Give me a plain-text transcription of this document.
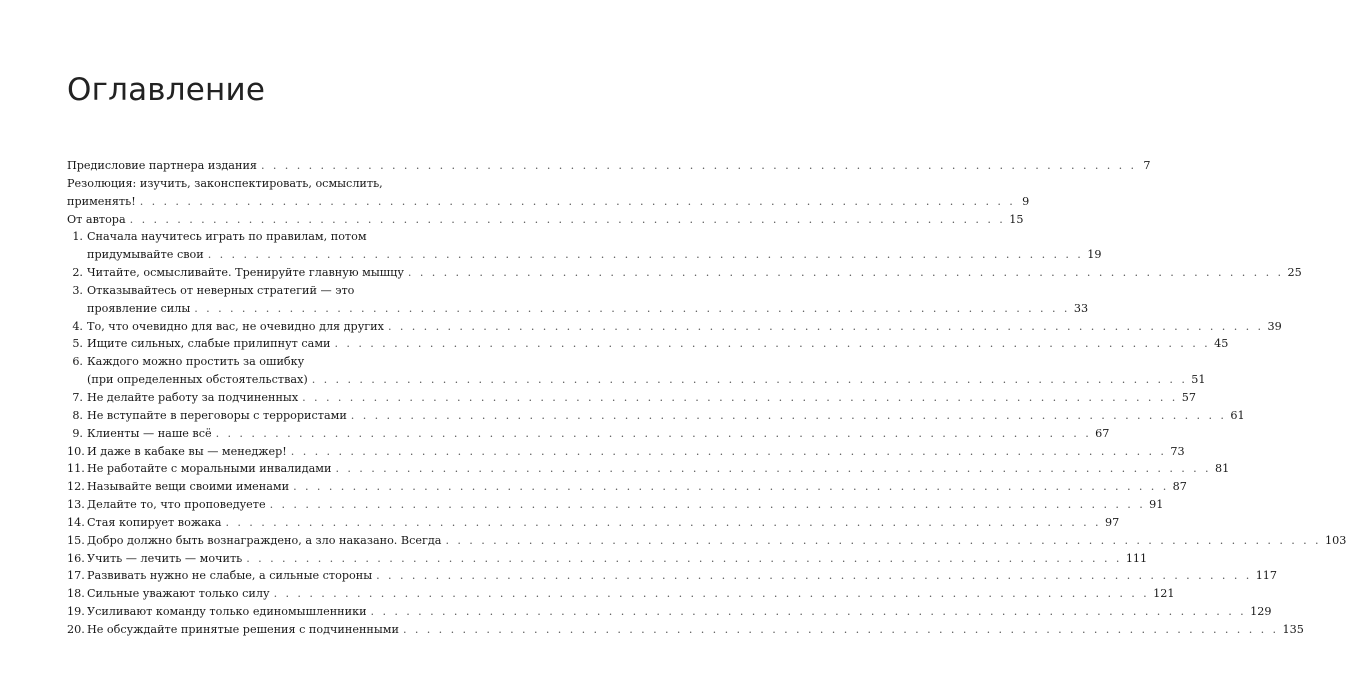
Оглавление
Предисловие партнера издания . . .	7
Резолюция: изучить, законспектировать, осмыслить,
применять! . . .	9
От автора . . .	15
1. Сначала научитесь играть по правилам, потом
придумывайте свои . . .	19
2. Читайте, осмысливайте. Тренируйте главную мышцу . . .	25
3. Отказывайтесь от неверных стратегий — это
проявление силы . . .	33
4. То, что очевидно для вас, не очевидно для других . . .	39
5. Ищите сильных, слабые прилипнут сами . . .	45
6. Каждого можно простить за ошибку
(при определенных обстоятельствах) . . .	51
7. Не делайте работу за подчиненных . . .	57
8. Не вступайте в переговоры с террористами . . .	61
9. Клиенты — наше всё . . .	67
10. И даже в кабаке вы — менеджер! . . .	73
11. Не работайте с моральными инвалидами . . .	81
12. Называйте вещи своими именами . . .	87
13. Делайте то, что проповедуете . . .	91
14. Стая копирует вожака . . .	97
15. Добро должно быть вознаграждено, а зло наказано. Всегда . . .	103
16. Учить — лечить — мочить . . .	111
17. Развивать нужно не слабые, а сильные стороны . . .	117
18. Сильные уважают только силу . . .	121
19. Усиливают команду только единомышленники . . .	129
20. Не обсуждайте принятые решения с подчиненными . . .	135
